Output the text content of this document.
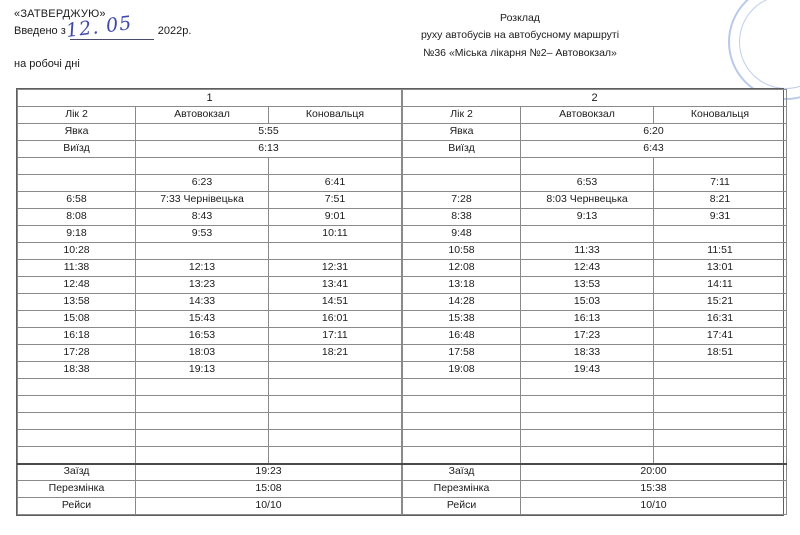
«ЗАТВЕРДЖУЮ»
Введено з
12. 05 2022р.
на робочі дні
Розклад
руху автобусів на автобусному маршруті
№36 «Міська лікарня №2– Автовокзал»
1		
Лік 2	Автовокзал	Коновальця
Явка	5:55	
Виїзд	6:13	

	6:23	6:41
6:58	7:33 Чернівецька	7:51
8:08	8:43	9:01
9:18	9:53	10:11
10:28		
11:38	12:13	12:31
12:48	13:23	13:41
13:58	14:33	14:51
15:08	15:43	16:01
16:18	16:53	17:11
17:28	18:03	18:21
18:38	19:13	

Заїзд	19:23	
Перезмінка	15:08	
Рейси	10/10	
2		
Лік 2	Автовокзал	Коновальця
Явка	6:20	
Виїзд	6:43	

	6:53	7:11
7:28	8:03 Чернвецька	8:21
8:38	9:13	9:31
9:48		
10:58	11:33	11:51
12:08	12:43	13:01
13:18	13:53	14:11
14:28	15:03	15:21
15:38	16:13	16:31
16:48	17:23	17:41
17:58	18:33	18:51
19:08	19:43	

Заїзд	20:00	
Перезмінка	15:38	
Рейси	10/10	
